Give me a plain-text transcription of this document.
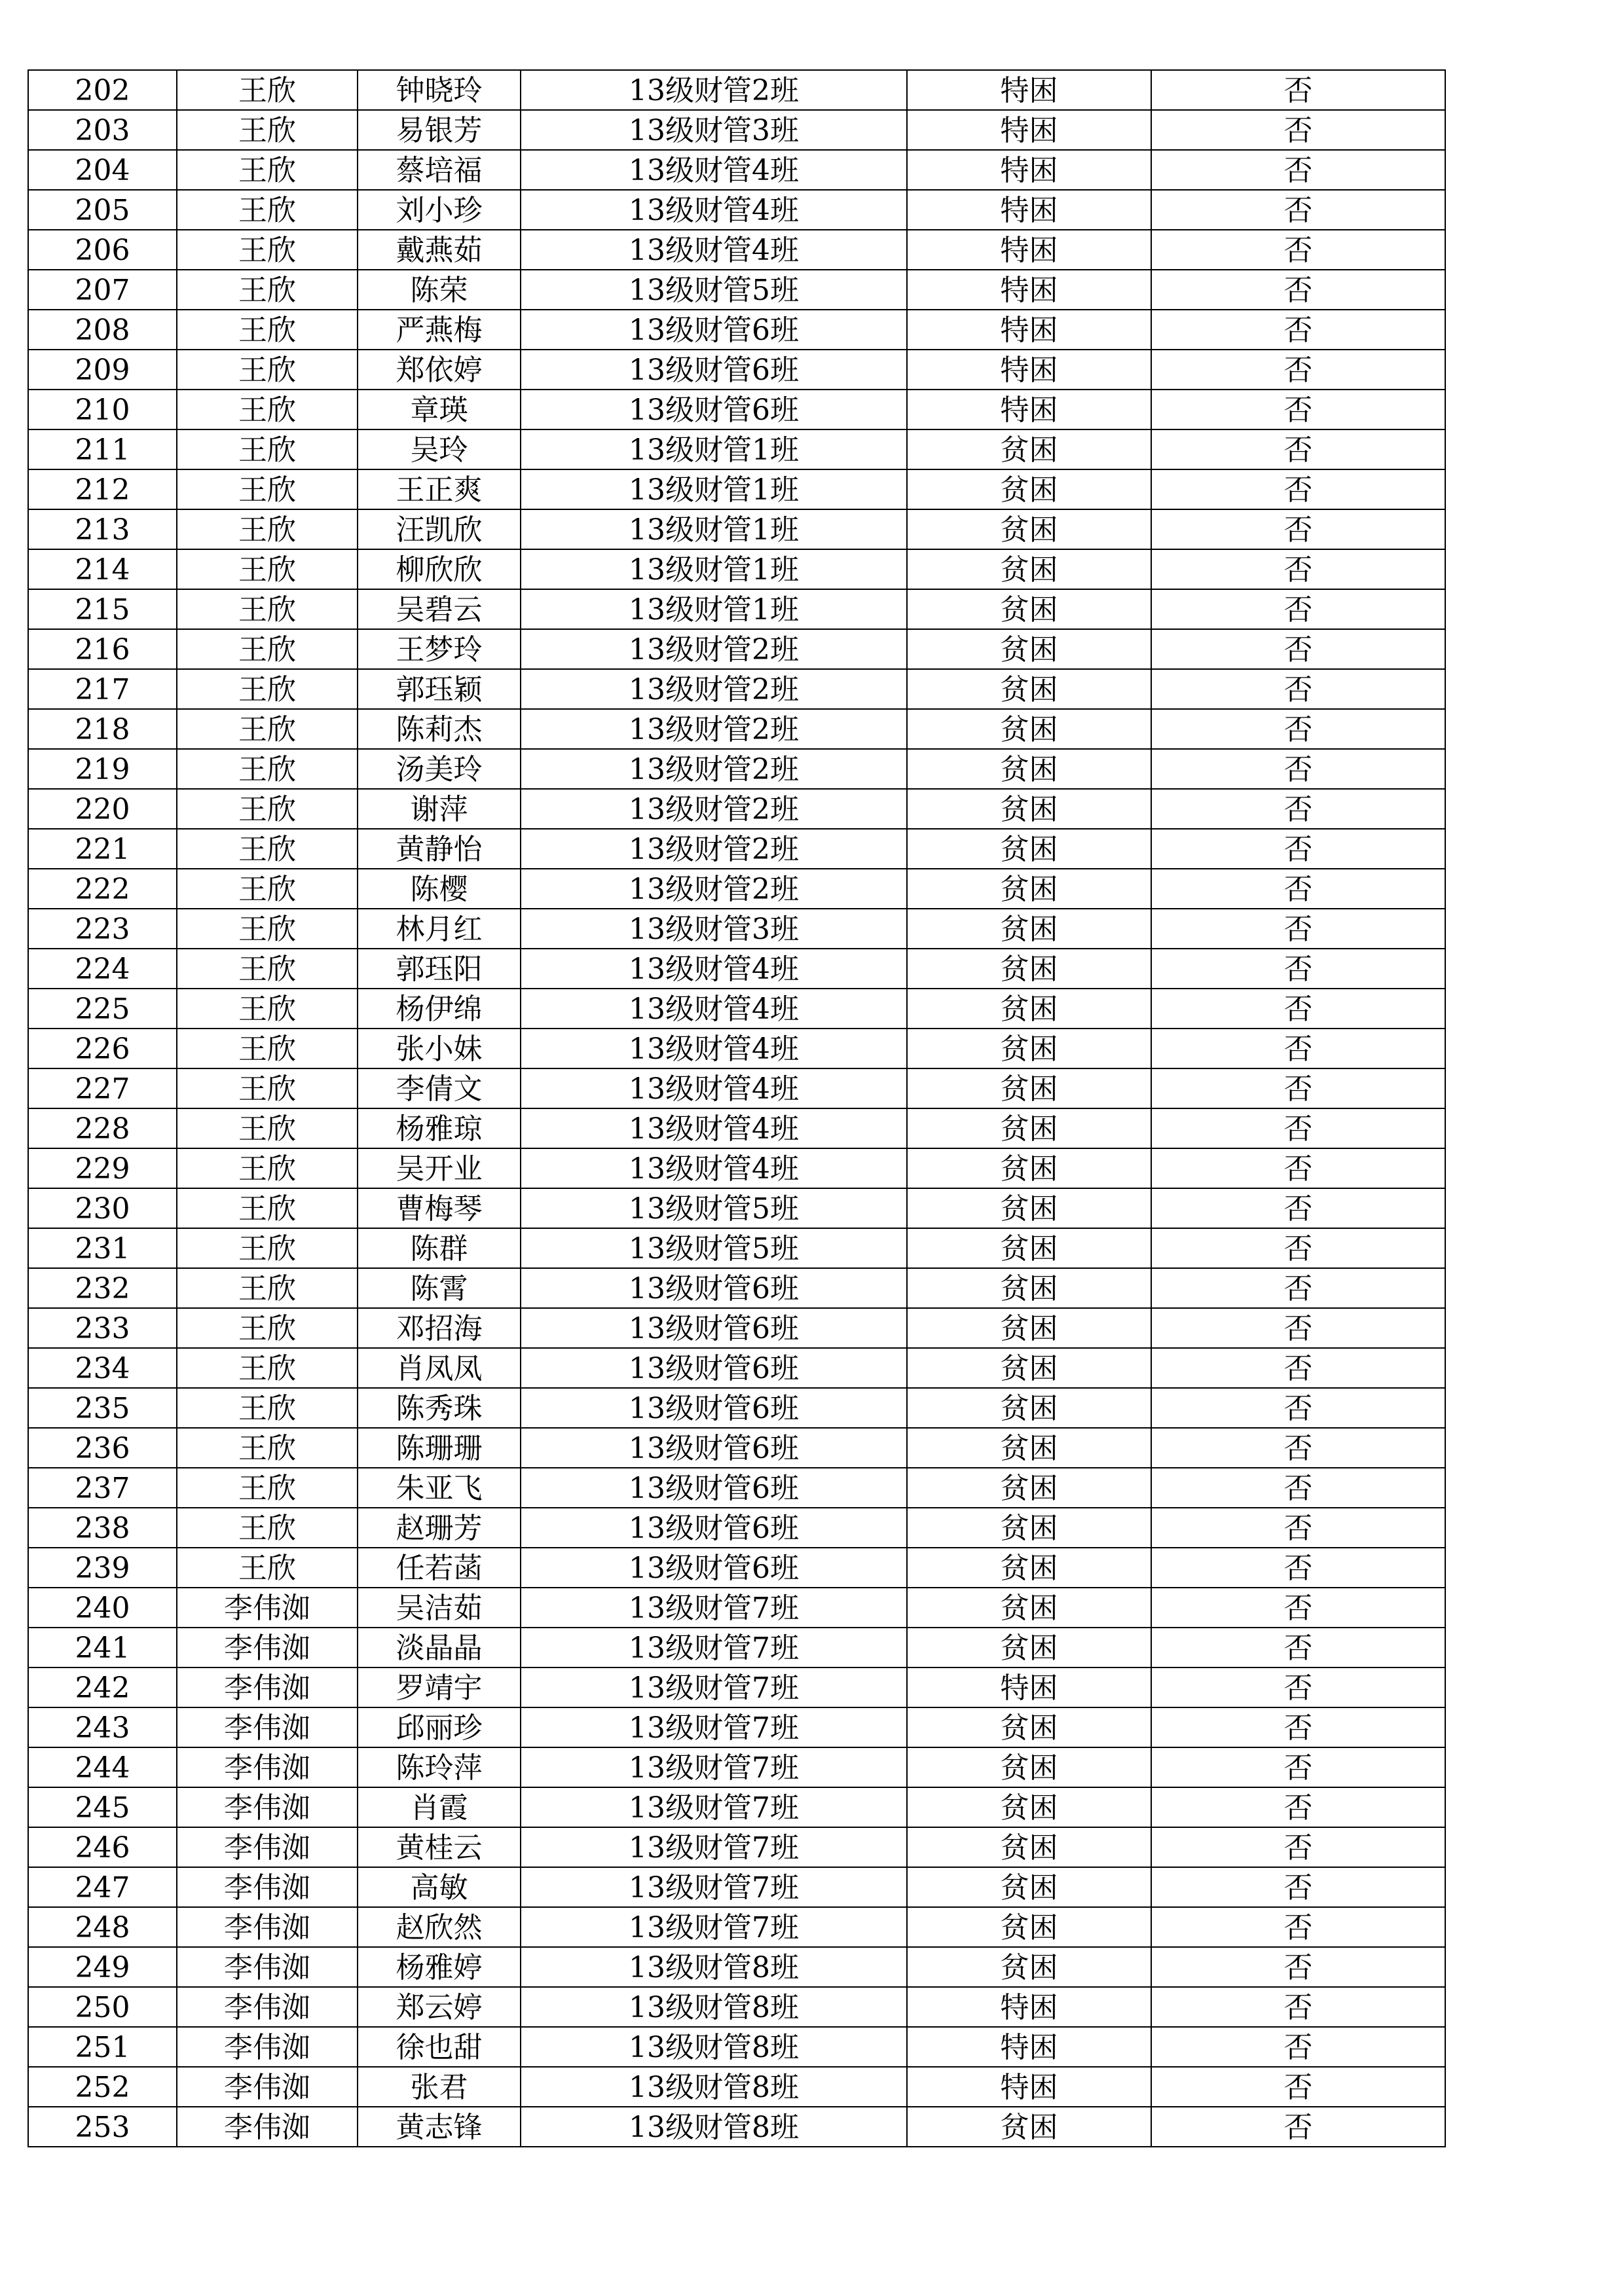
202	王欣	钟晓玲	13级财管2班	特困	否
203	王欣	易银芳	13级财管3班	特困	否
204	王欣	蔡培福	13级财管4班	特困	否
205	王欣	刘小珍	13级财管4班	特困	否
206	王欣	戴燕茹	13级财管4班	特困	否
207	王欣	陈荣	13级财管5班	特困	否
208	王欣	严燕梅	13级财管6班	特困	否
209	王欣	郑依婷	13级财管6班	特困	否
210	王欣	章瑛	13级财管6班	特困	否
211	王欣	吴玲	13级财管1班	贫困	否
212	王欣	王正爽	13级财管1班	贫困	否
213	王欣	汪凯欣	13级财管1班	贫困	否
214	王欣	柳欣欣	13级财管1班	贫困	否
215	王欣	吴碧云	13级财管1班	贫困	否
216	王欣	王梦玲	13级财管2班	贫困	否
217	王欣	郭珏颖	13级财管2班	贫困	否
218	王欣	陈莉杰	13级财管2班	贫困	否
219	王欣	汤美玲	13级财管2班	贫困	否
220	王欣	谢萍	13级财管2班	贫困	否
221	王欣	黄静怡	13级财管2班	贫困	否
222	王欣	陈樱	13级财管2班	贫困	否
223	王欣	林月红	13级财管3班	贫困	否
224	王欣	郭珏阳	13级财管4班	贫困	否
225	王欣	杨伊绵	13级财管4班	贫困	否
226	王欣	张小妹	13级财管4班	贫困	否
227	王欣	李倩文	13级财管4班	贫困	否
228	王欣	杨雅琼	13级财管4班	贫困	否
229	王欣	吴开业	13级财管4班	贫困	否
230	王欣	曹梅琴	13级财管5班	贫困	否
231	王欣	陈群	13级财管5班	贫困	否
232	王欣	陈霄	13级财管6班	贫困	否
233	王欣	邓招海	13级财管6班	贫困	否
234	王欣	肖凤凤	13级财管6班	贫困	否
235	王欣	陈秀珠	13级财管6班	贫困	否
236	王欣	陈珊珊	13级财管6班	贫困	否
237	王欣	朱亚飞	13级财管6班	贫困	否
238	王欣	赵珊芳	13级财管6班	贫困	否
239	王欣	任若菡	13级财管6班	贫困	否
240	李伟洳	吴洁茹	13级财管7班	贫困	否
241	李伟洳	淡晶晶	13级财管7班	贫困	否
242	李伟洳	罗靖宇	13级财管7班	特困	否
243	李伟洳	邱丽珍	13级财管7班	贫困	否
244	李伟洳	陈玲萍	13级财管7班	贫困	否
245	李伟洳	肖霞	13级财管7班	贫困	否
246	李伟洳	黄桂云	13级财管7班	贫困	否
247	李伟洳	高敏	13级财管7班	贫困	否
248	李伟洳	赵欣然	13级财管7班	贫困	否
249	李伟洳	杨雅婷	13级财管8班	贫困	否
250	李伟洳	郑云婷	13级财管8班	特困	否
251	李伟洳	徐也甜	13级财管8班	特困	否
252	李伟洳	张君	13级财管8班	特困	否
253	李伟洳	黄志锋	13级财管8班	贫困	否
